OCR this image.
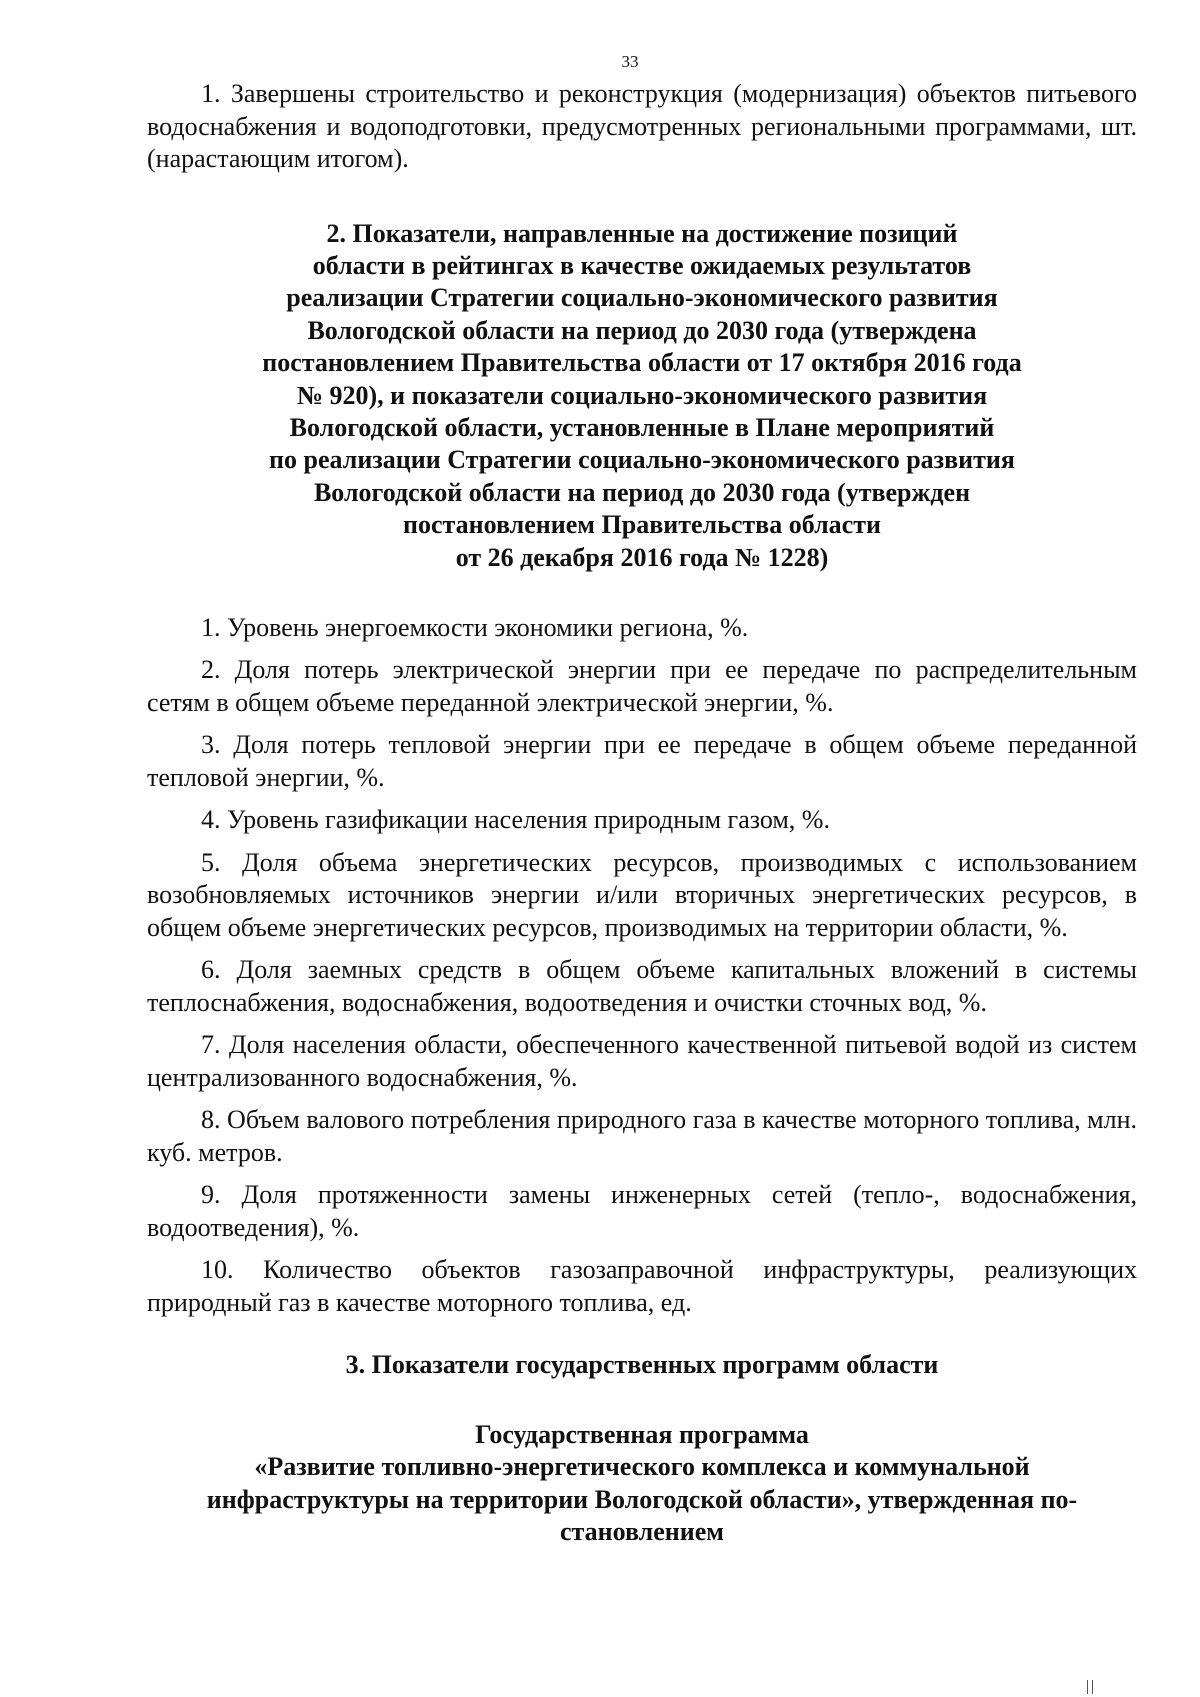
33

1. Завершены строительство и реконструкция (модернизация) объектов питьевого водоснабжения и водоподготовки, предусмотренных региональными программами, шт. (нарастающим итогом).

2. Показатели, направленные на достижение позиций
области в рейтингах в качестве ожидаемых результатов
реализации Стратегии социально-экономического развития
Вологодской области на период до 2030 года (утверждена
постановлением Правительства области от 17 октября 2016 года
№ 920), и показатели социально-экономического развития
Вологодской области, установленные в Плане мероприятий
по реализации Стратегии социально-экономического развития
Вологодской области на период до 2030 года (утвержден
постановлением Правительства области
от 26 декабря 2016 года № 1228)

1. Уровень энергоемкости экономики региона, %.

2. Доля потерь электрической энергии при ее передаче по распределительным сетям в общем объеме переданной электрической энергии, %.

3. Доля потерь тепловой энергии при ее передаче в общем объеме переданной тепловой энергии, %.

4. Уровень газификации населения природным газом, %.

5. Доля объема энергетических ресурсов, производимых с использованием возобновляемых источников энергии и/или вторичных энергетических ресурсов, в общем объеме энергетических ресурсов, производимых на территории области, %.

6. Доля заемных средств в общем объеме капитальных вложений в системы теплоснабжения, водоснабжения, водоотведения и очистки сточных вод, %.

7. Доля населения области, обеспеченного качественной питьевой водой из систем централизованного водоснабжения, %.

8. Объем валового потребления природного газа в качестве моторного топлива, млн. куб. метров.

9. Доля протяженности замены инженерных сетей (тепло-, водоснабжения, водоотведения), %.

10. Количество объектов газозаправочной инфраструктуры, реализующих природный газ в качестве моторного топлива, ед.

3. Показатели государственных программ области
Государственная программа
«Развитие топливно-энергетического комплекса и коммунальной
инфраструктуры на территории Вологодской области», утвержденная по-
становлением
